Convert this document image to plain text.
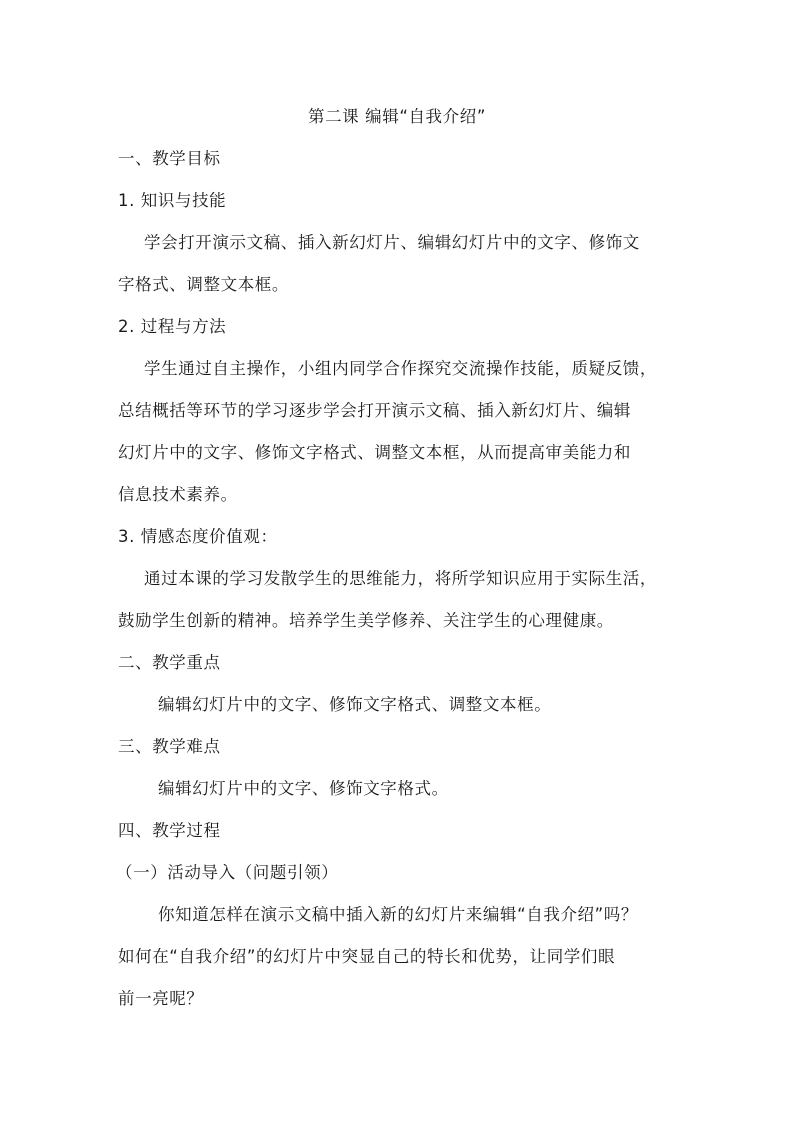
第二课 编辑“自我介绍”
一、教学目标
1. 知识与技能
学会打开演示文稿、插入新幻灯片、编辑幻灯片中的文字、修饰文
字格式、调整文本框。
2. 过程与方法
学生通过自主操作，小组内同学合作探究交流操作技能，质疑反馈，
总结概括等环节的学习逐步学会打开演示文稿、插入新幻灯片、编辑
幻灯片中的文字、修饰文字格式、调整文本框，从而提高审美能力和
信息技术素养。
3. 情感态度价值观：
通过本课的学习发散学生的思维能力，将所学知识应用于实际生活，
鼓励学生创新的精神。培养学生美学修养、关注学生的心理健康。
二、教学重点
编辑幻灯片中的文字、修饰文字格式、调整文本框。
三、教学难点
编辑幻灯片中的文字、修饰文字格式。
四、教学过程
（一）活动导入（问题引领）
你知道怎样在演示文稿中插入新的幻灯片来编辑“自我介绍”吗？
如何在“自我介绍”的幻灯片中突显自己的特长和优势，让同学们眼
前一亮呢？
